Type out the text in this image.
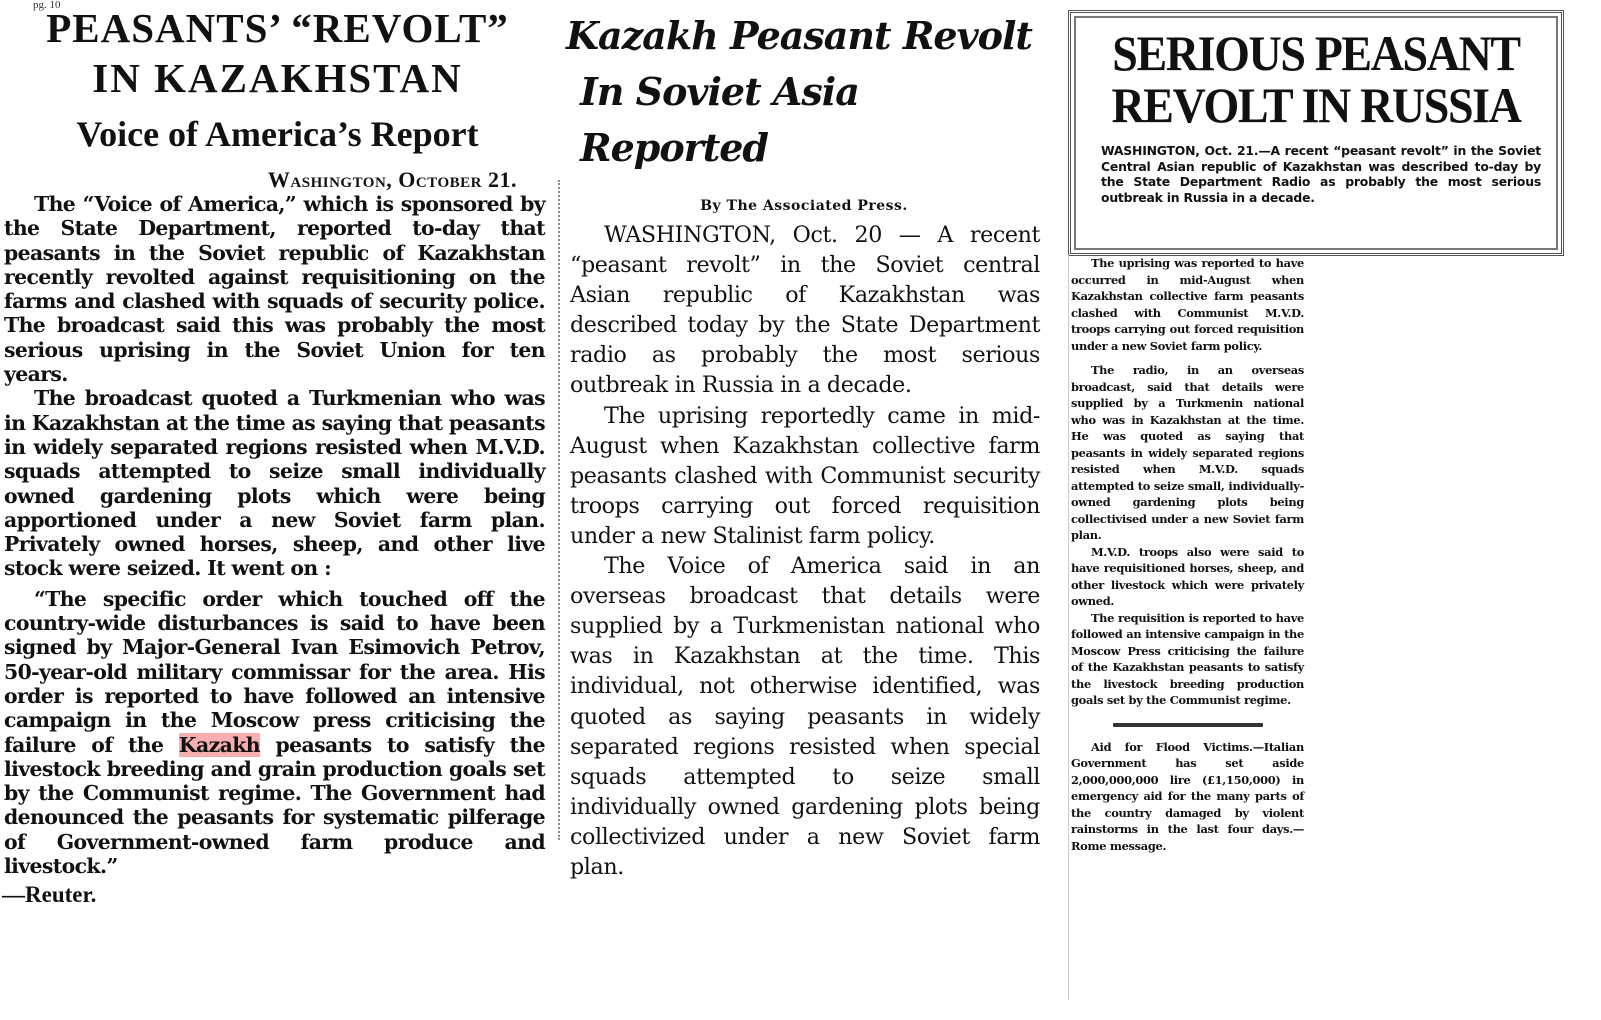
pg. 10
PEASANTS’ “REVOLT”
IN KAZAKHSTAN
Voice of America’s Report
Washington, October 21.

The “Voice of America,” which is sponsored by the State Department, reported to-day that peasants in the Soviet republic of Kazakhstan recently revolted against requisitioning on the farms and clashed with squads of security police. The broadcast said this was probably the most serious uprising in the Soviet Union for ten years.

The broadcast quoted a Turkmenian who was in Kazakhstan at the time as saying that peasants in widely separated regions resisted when M.V.D. squads attempted to seize small individually owned gardening plots which were being apportioned under a new Soviet farm plan. Privately owned horses, sheep, and other live stock were seized. It went on :

“The specific order which touched off the country-wide disturbances is said to have been signed by Major-General Ivan Esimovich Petrov, 50-year-old military commissar for the area. His order is reported to have followed an intensive campaign in the Moscow press criticising the failure of the Kazakh peasants to satisfy the livestock breeding and grain production goals set by the Communist regime. The Government had denounced the peasants for systematic pilferage of Government-owned farm produce and livestock.”

—Reuter.
Kazakh Peasant Revolt
In Soviet Asia Reported
By The Associated Press.

WASHINGTON, Oct. 20 — A recent “peasant revolt” in the Soviet central Asian republic of Kazakhstan was described today by the State Department radio as probably the most serious outbreak in Russia in a decade.

The uprising reportedly came in mid-August when Kazakhstan collective farm peasants clashed with Communist security troops carrying out forced requisition under a new Stalinist farm policy.

The Voice of America said in an overseas broadcast that details were supplied by a Turkmenistan national who was in Kazakhstan at the time. This individual, not otherwise identified, was quoted as saying peasants in widely separated regions resisted when special squads attempted to seize small individually owned gardening plots being collectivized under a new Soviet farm plan.

SERIOUS PEASANT
REVOLT IN RUSSIA
WASHINGTON, Oct. 21.—A recent “peasant revolt” in the Soviet Central Asian republic of Kazakhstan was described to-day by the State Department Radio as probably the most serious outbreak in Russia in a decade.

The uprising was reported to have occurred in mid-August when Kazakhstan collective farm peasants clashed with Communist M.V.D. troops carrying out forced requisition under a new Soviet farm policy.

The radio, in an overseas broadcast, said that details were supplied by a Turkmenin national who was in Kazakhstan at the time. He was quoted as saying that peasants in widely separated regions resisted when M.V.D. squads attempted to seize small, individually-owned gardening plots being collectivised under a new Soviet farm plan.

M.V.D. troops also were said to have requisitioned horses, sheep, and other livestock which were privately owned.

The requisition is reported to have followed an intensive campaign in the Moscow Press criticising the failure of the Kazakhstan peasants to satisfy the livestock breeding production goals set by the Communist regime.

Aid for Flood Victims.—Italian Government has set aside 2,000,000,000 lire (£1,150,000) in emergency aid for the many parts of the country damaged by violent rainstorms in the last four days.—Rome message.
